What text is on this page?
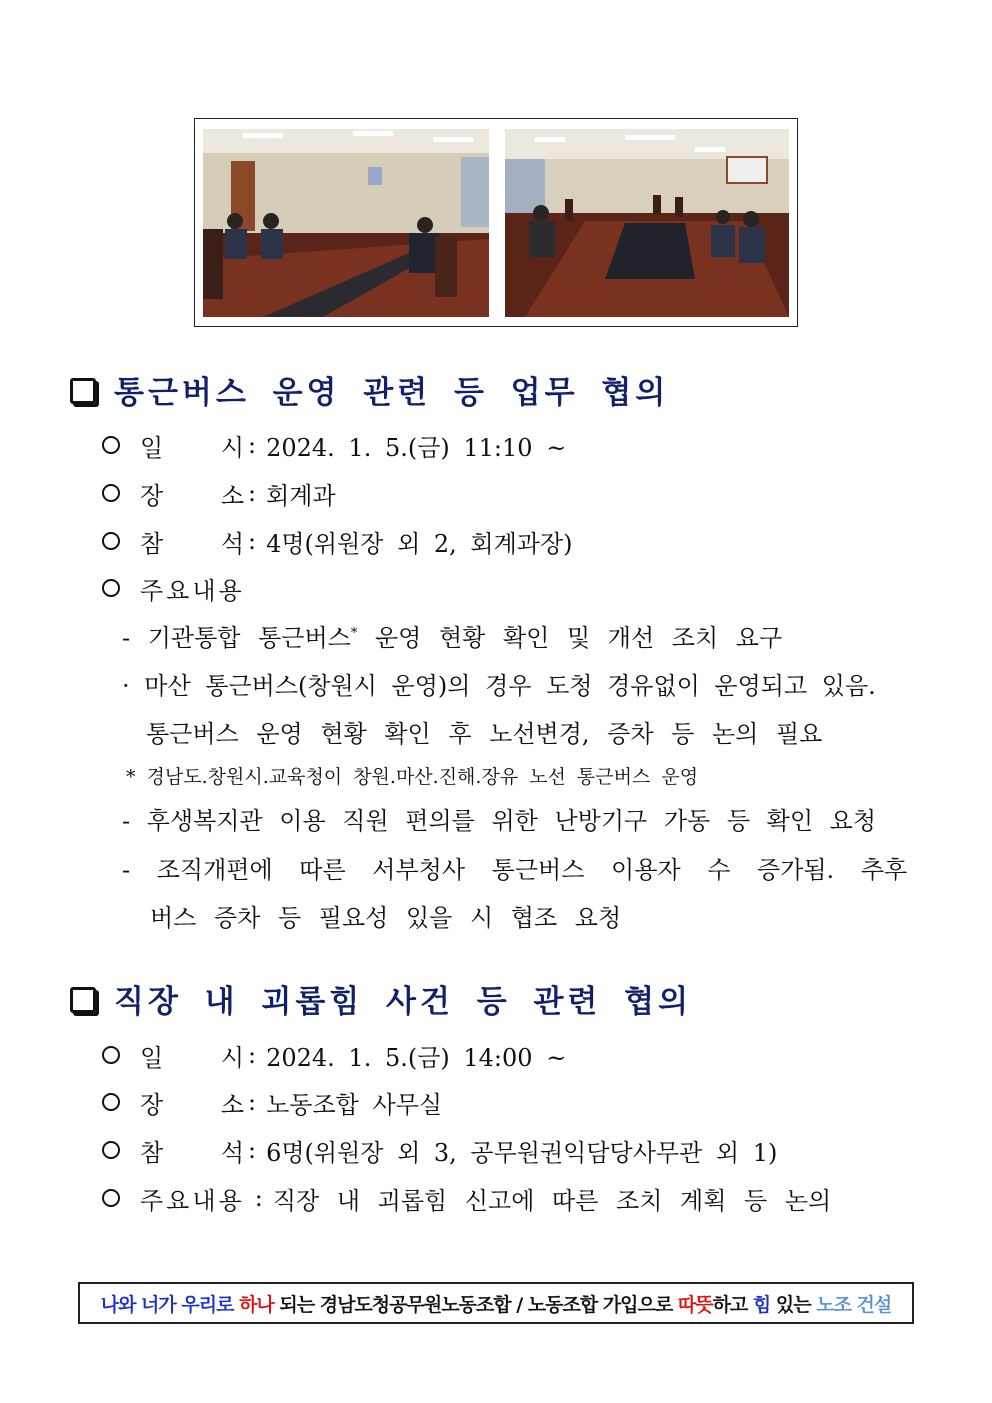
통근버스 운영 관련 등 업무 협의
일 시 : 2024. 1. 5.(금) 11:10 ~
장 소 : 회계과
참 석 : 4명(위원장 외 2, 회계과장)
주요내용
- 기관통합 통근버스* 운영 현황 확인 및 개선 조치 요구
· 마산 통근버스(창원시 운영)의 경우 도청 경유없이 운영되고 있음.
통근버스 운영 현황 확인 후 노선변경, 증차 등 논의 필요
* 경남도.창원시.교육청이 창원.마산.진해.장유 노선 통근버스 운영
- 후생복지관 이용 직원 편의를 위한 난방기구 가동 등 확인 요청
- 조직개편에 따른 서부청사 통근버스 이용자 수 증가됨. 추후
버스 증차 등 필요성 있을 시 협조 요청
직장 내 괴롭힘 사건 등 관련 협의
일 시 : 2024. 1. 5.(금) 14:00 ~
장 소 : 노동조합 사무실
참 석 : 6명(위원장 외 3, 공무원권익담당사무관 외 1)
주요내용 : 직장 내 괴롭힘 신고에 따른 조치 계획 등 논의
나와 너가 우리로 하나 되는 경남도청공무원노동조합 / 노동조합 가입으로 따뜻 하고 힘 있는 노조 건설
